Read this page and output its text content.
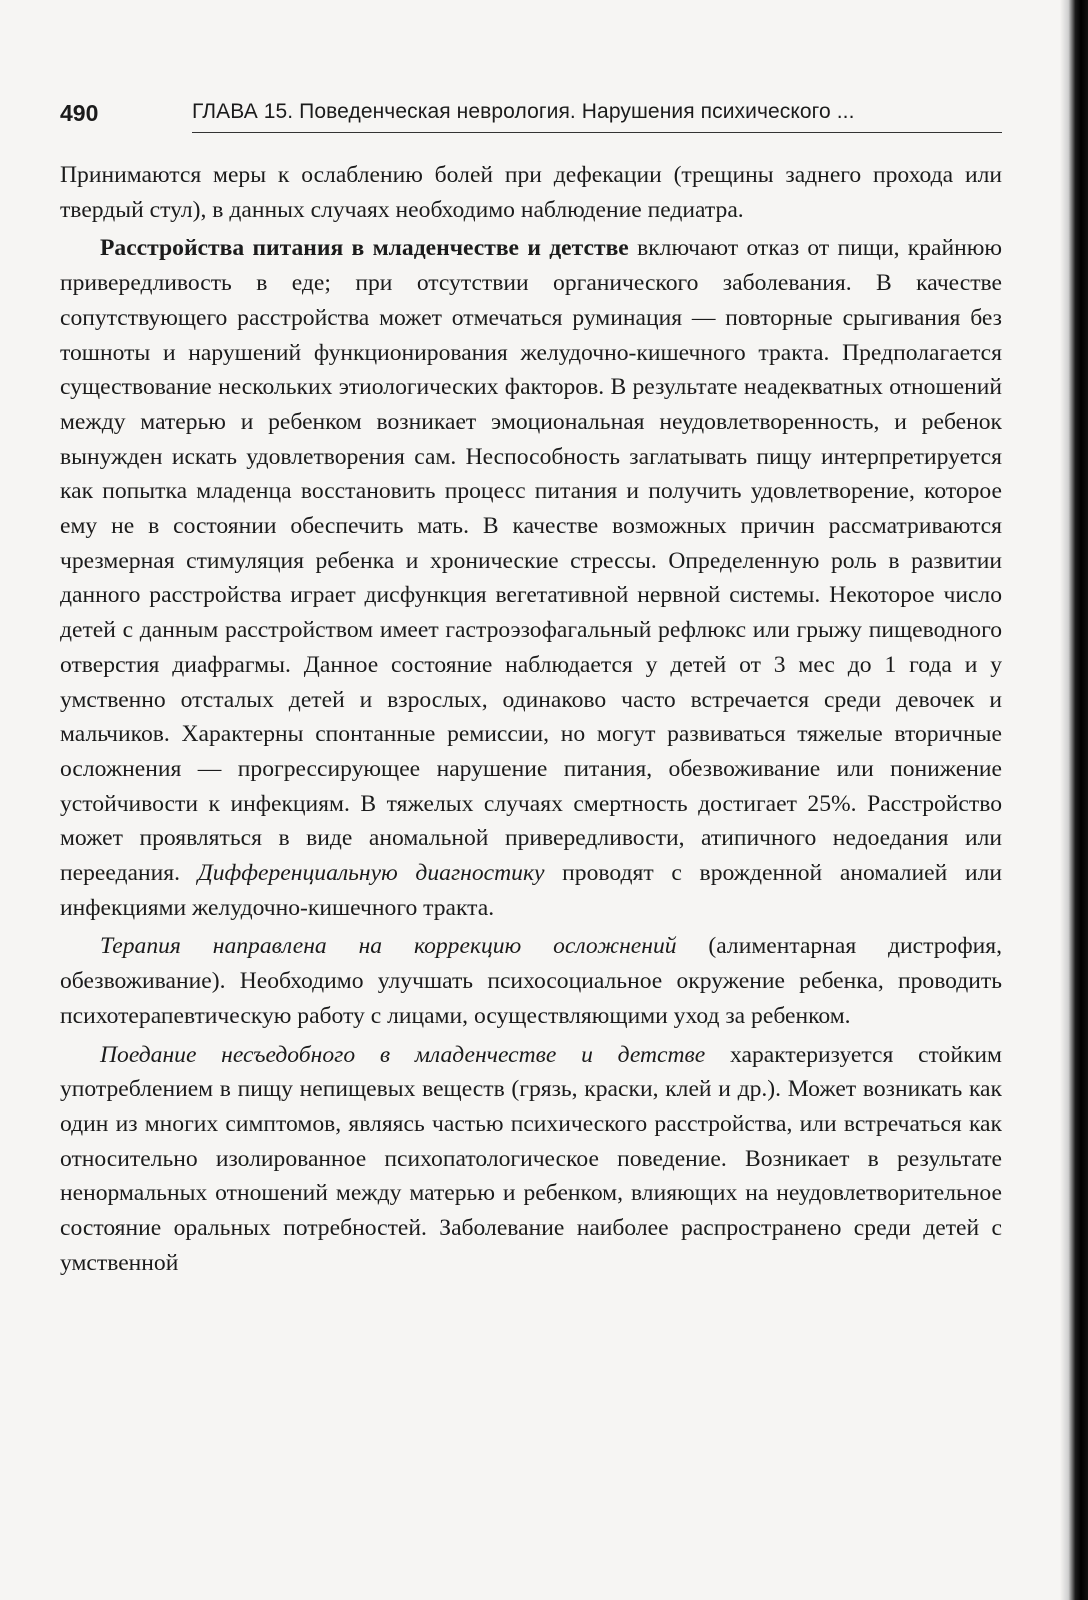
490	ГЛАВА 15. Поведенческая неврология. Нарушения психического ...

Принимаются меры к ослаблению болей при дефекации (трещины заднего прохода или твердый стул), в данных случаях необходимо наблюдение педиатра.

Расстройства питания в младенчестве и детстве включают отказ от пищи, крайнюю привередливость в еде; при отсутствии органического заболевания. В качестве сопутствующего расстройства может отмечаться руминация — повторные срыгивания без тошноты и нарушений функционирования желудочно-кишечного тракта. Предполагается существование нескольких этиологических факторов. В результате неадекватных отношений между матерью и ребенком возникает эмоциональная неудовлетворенность, и ребенок вынужден искать удовлетворения сам. Неспособность заглатывать пищу интерпретируется как попытка младенца восстановить процесс питания и получить удовлетворение, которое ему не в состоянии обеспечить мать. В качестве возможных причин рассматриваются чрезмерная стимуляция ребенка и хронические стрессы. Определенную роль в развитии данного расстройства играет дисфункция вегетативной нервной системы. Некоторое число детей с данным расстройством имеет гастроэзофагальный рефлюкс или грыжу пищеводного отверстия диафрагмы. Данное состояние наблюдается у детей от 3 мес до 1 года и у умственно отсталых детей и взрослых, одинаково часто встречается среди девочек и мальчиков. Характерны спонтанные ремиссии, но могут развиваться тяжелые вторичные осложнения — прогрессирующее нарушение питания, обезвоживание или понижение устойчивости к инфекциям. В тяжелых случаях смертность достигает 25%. Расстройство может проявляться в виде аномальной привередливости, атипичного недоедания или переедания. Дифференциальную диагностику проводят с врожденной аномалией или инфекциями желудочно-кишечного тракта.

Терапия направлена на коррекцию осложнений (алиментарная дистрофия, обезвоживание). Необходимо улучшать психосоциальное окружение ребенка, проводить психотерапевтическую работу с лицами, осуществляющими уход за ребенком.

Поедание несъедобного в младенчестве и детстве характеризуется стойким употреблением в пищу непищевых веществ (грязь, краски, клей и др.). Может возникать как один из многих симптомов, являясь частью психического расстройства, или встречаться как относительно изолированное психопатологическое поведение. Возникает в результате ненормальных отношений между матерью и ребенком, влияющих на неудовлетворительное состояние оральных потребностей. Заболевание наиболее распространено среди детей с умственной
